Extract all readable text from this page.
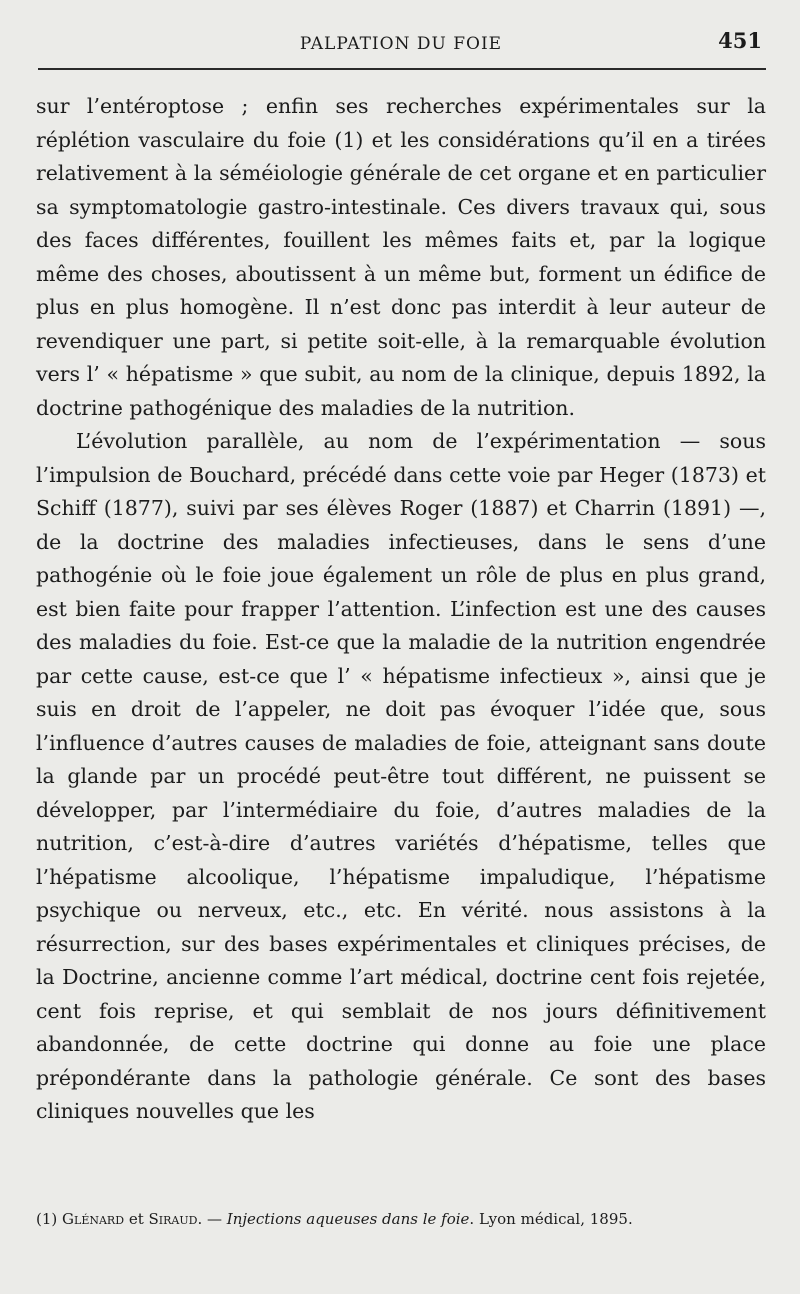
PALPATION DU FOIE	451

sur l’entéroptose ; enfin ses recherches expérimentales sur la réplétion vasculaire du foie (1) et les considérations qu’il en a tirées relativement à la séméiologie générale de cet organe et en particulier sa symptomatologie gastro-intestinale. Ces divers travaux qui, sous des faces différentes, fouillent les mêmes faits et, par la logique même des choses, aboutissent à un même but, forment un édifice de plus en plus homogène. Il n’est donc pas interdit à leur auteur de revendiquer une part, si petite soit-elle, à la remarquable évolution vers l’ « hépatisme » que subit, au nom de la clinique, depuis 1892, la doctrine pathogénique des maladies de la nutrition.

L’évolution parallèle, au nom de l’expérimentation — sous l’impulsion de Bouchard, précédé dans cette voie par Heger (1873) et Schiff (1877), suivi par ses élèves Roger (1887) et Charrin (1891) —, de la doctrine des maladies infectieuses, dans le sens d’une pathogénie où le foie joue également un rôle de plus en plus grand, est bien faite pour frapper l’attention. L’infection est une des causes des maladies du foie. Est-ce que la maladie de la nutrition engendrée par cette cause, est-ce que l’ « hépatisme infectieux », ainsi que je suis en droit de l’appeler, ne doit pas évoquer l’idée que, sous l’influence d’autres causes de maladies de foie, atteignant sans doute la glande par un procédé peut-être tout différent, ne puissent se développer, par l’intermédiaire du foie, d’autres maladies de la nutrition, c’est-à-dire d’autres variétés d’hépatisme, telles que l’hépatisme alcoolique, l’hépatisme impaludique, l’hépatisme psychique ou nerveux, etc., etc. En vérité. nous assistons à la résurrection, sur des bases expérimentales et cliniques précises, de la Doctrine, ancienne comme l’art médical, doctrine cent fois rejetée, cent fois reprise, et qui semblait de nos jours définitivement abandonnée, de cette doctrine qui donne au foie une place prépondérante dans la pathologie générale. Ce sont des bases cliniques nouvelles que les

(1) Glénard et Siraud. — Injections aqueuses dans le foie. Lyon médical, 1895.
